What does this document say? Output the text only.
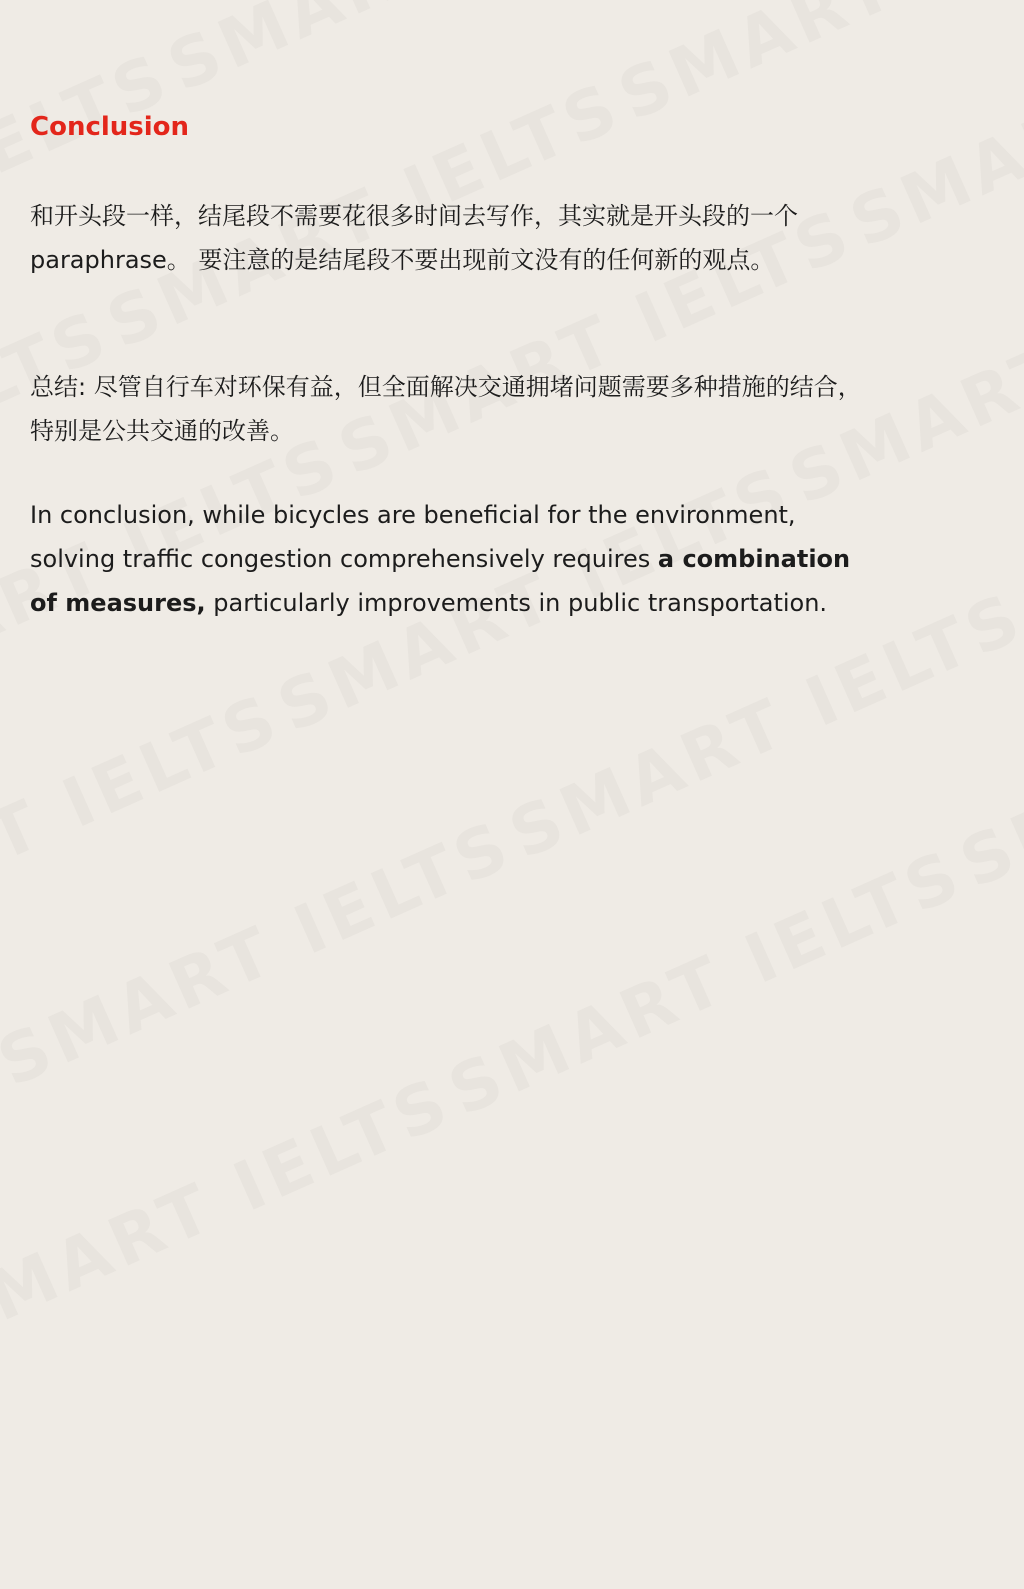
Conclusion

和开头段一样，结尾段不需要花很多时间去写作，其实就是开头段的一个
paraphrase。 要注意的是结尾段不要出现前文没有的任何新的观点。

总结: 尽管自行车对环保有益，但全面解决交通拥堵问题需要多种措施的结合，
特别是公共交通的改善。

In conclusion, while bicycles are beneficial for the environment,
solving traffic congestion comprehensively requires a combination
of measures, particularly improvements in public transportation.
